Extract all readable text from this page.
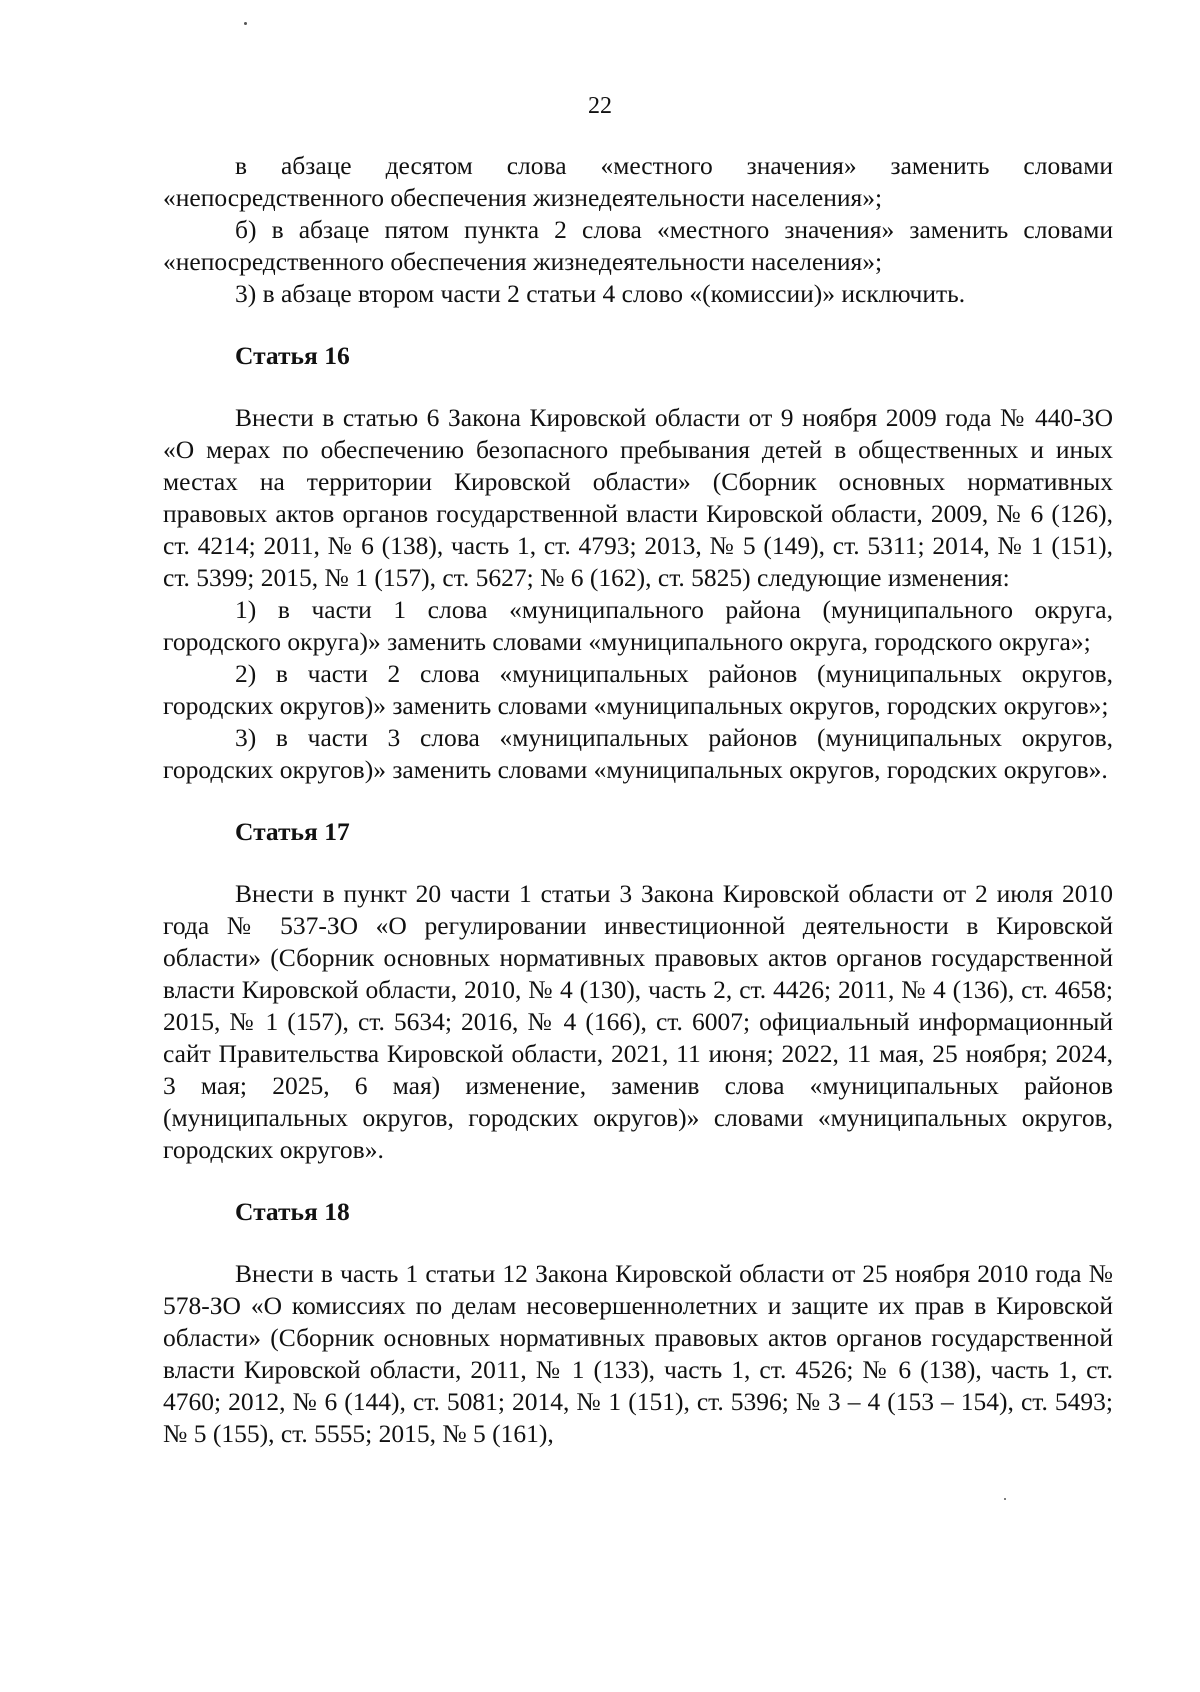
22

в абзаце десятом слова «местного значения» заменить словами «непосредственного обеспечения жизнедеятельности населения»;

б) в абзаце пятом пункта 2 слова «местного значения» заменить словами «непосредственного обеспечения жизнедеятельности населения»;

3) в абзаце втором части 2 статьи 4 слово «(комиссии)» исключить.

Статья 16

Внести в статью 6 Закона Кировской области от 9 ноября 2009 года № 440-ЗО «О мерах по обеспечению безопасного пребывания детей в общественных и иных местах на территории Кировской области» (Сборник основных нормативных правовых актов органов государственной власти Кировской области, 2009, № 6 (126), ст. 4214; 2011, № 6 (138), часть 1, ст. 4793; 2013, № 5 (149), ст. 5311; 2014, № 1 (151), ст. 5399; 2015, № 1 (157), ст. 5627; № 6 (162), ст. 5825) следующие изменения:

1) в части 1 слова «муниципального района (муниципального округа, городского округа)» заменить словами «муниципального округа, городского округа»;

2) в части 2 слова «муниципальных районов (муниципальных округов, городских округов)» заменить словами «муниципальных округов, городских округов»;

3) в части 3 слова «муниципальных районов (муниципальных округов, городских округов)» заменить словами «муниципальных округов, городских округов».

Статья 17

Внести в пункт 20 части 1 статьи 3 Закона Кировской области от 2 июля 2010 года № 537-ЗО «О регулировании инвестиционной деятельности в Кировской области» (Сборник основных нормативных правовых актов органов государственной власти Кировской области, 2010, № 4 (130), часть 2, ст. 4426; 2011, № 4 (136), ст. 4658; 2015, № 1 (157), ст. 5634; 2016, № 4 (166), ст. 6007; официальный информационный сайт Правительства Кировской области, 2021, 11 июня; 2022, 11 мая, 25 ноября; 2024, 3 мая; 2025, 6 мая) изменение, заменив слова «муниципальных районов (муниципальных округов, городских округов)» словами «муниципальных округов, городских округов».

Статья 18

Внести в часть 1 статьи 12 Закона Кировской области от 25 ноября 2010 года № 578-ЗО «О комиссиях по делам несовершеннолетних и защите их прав в Кировской области» (Сборник основных нормативных правовых актов органов государственной власти Кировской области, 2011, № 1 (133), часть 1, ст. 4526; № 6 (138), часть 1, ст. 4760; 2012, № 6 (144), ст. 5081; 2014, № 1 (151), ст. 5396; № 3 – 4 (153 – 154), ст. 5493; № 5 (155), ст. 5555; 2015, № 5 (161),
